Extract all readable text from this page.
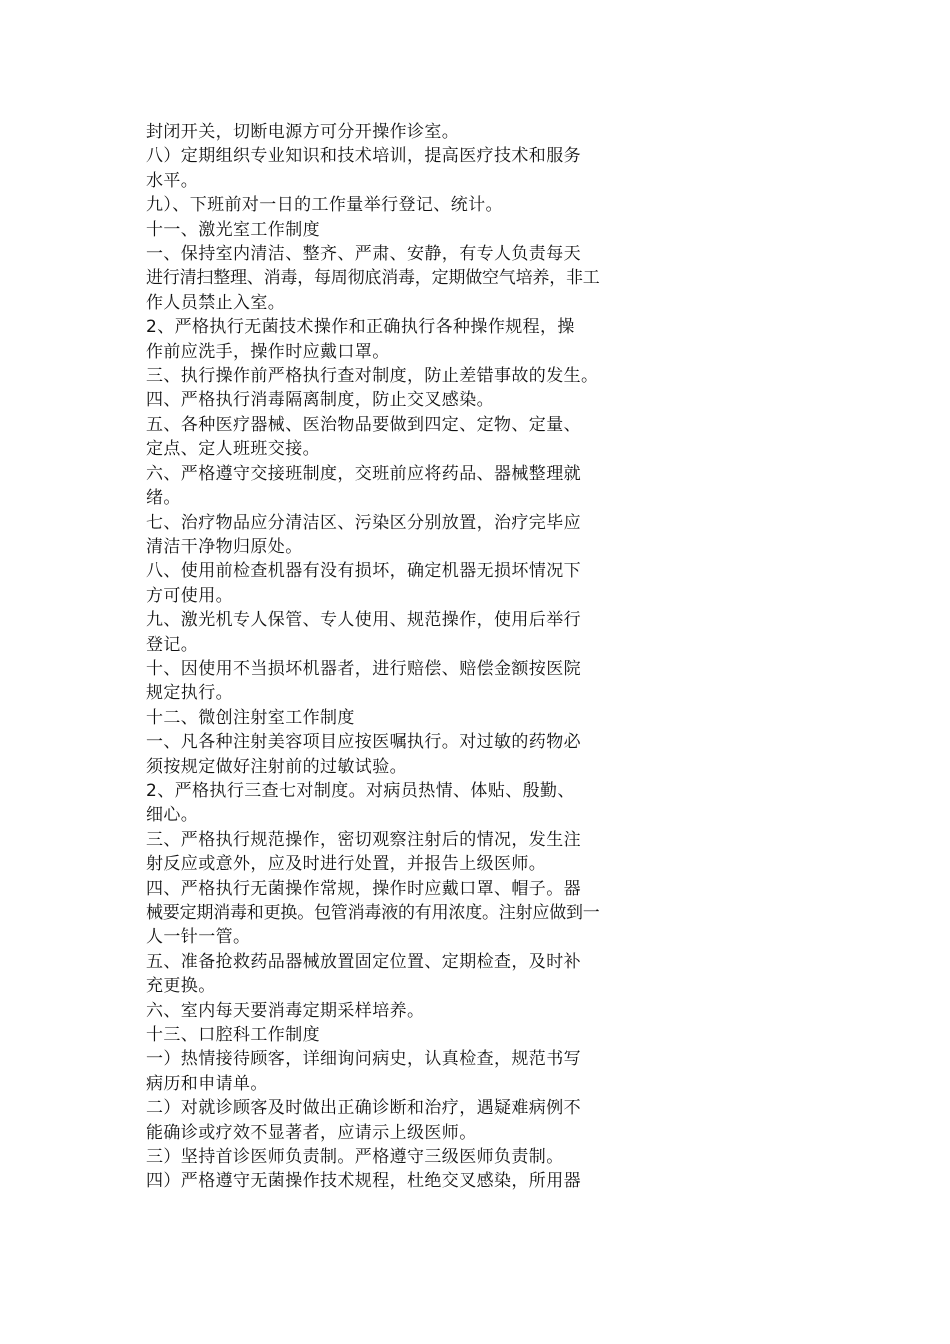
封闭开关，切断电源方可分开操作诊室。
八）定期组织专业知识和技术培训，提高医疗技术和服务
水平。
九）、下班前对一日的工作量举行登记、统计。
十一、激光室工作制度
一、保持室内清洁、整齐、严肃、安静，有专人负责每天
进行清扫整理、消毒，每周彻底消毒，定期做空气培养，非工
作人员禁止入室。
2、严格执行无菌技术操作和正确执行各种操作规程，操
作前应洗手，操作时应戴口罩。
三、执行操作前严格执行查对制度，防止差错事故的发生。
四、严格执行消毒隔离制度，防止交叉感染。
五、各种医疗器械、医治物品要做到四定、定物、定量、
定点、定人班班交接。
六、严格遵守交接班制度，交班前应将药品、器械整理就
绪。
七、治疗物品应分清洁区、污染区分别放置，治疗完毕应
清洁干净物归原处。
八、使用前检查机器有没有损坏，确定机器无损坏情况下
方可使用。
九、激光机专人保管、专人使用、规范操作，使用后举行
登记。
十、因使用不当损坏机器者，进行赔偿、赔偿金额按医院
规定执行。
十二、微创注射室工作制度
一、凡各种注射美容项目应按医嘱执行。对过敏的药物必
须按规定做好注射前的过敏试验。
2、严格执行三查七对制度。对病员热情、体贴、殷勤、
细心。
三、严格执行规范操作，密切观察注射后的情况，发生注
射反应或意外，应及时进行处置，并报告上级医师。
四、严格执行无菌操作常规，操作时应戴口罩、帽子。器
械要定期消毒和更换。包管消毒液的有用浓度。注射应做到一
人一针一管。
五、准备抢救药品器械放置固定位置、定期检查，及时补
充更换。
六、室内每天要消毒定期采样培养。
十三、口腔科工作制度
一）热情接待顾客，详细询问病史，认真检查，规范书写
病历和申请单。
二）对就诊顾客及时做出正确诊断和治疗，遇疑难病例不
能确诊或疗效不显著者，应请示上级医师。
三）坚持首诊医师负责制。严格遵守三级医师负责制。
四）严格遵守无菌操作技术规程，杜绝交叉感染，所用器
